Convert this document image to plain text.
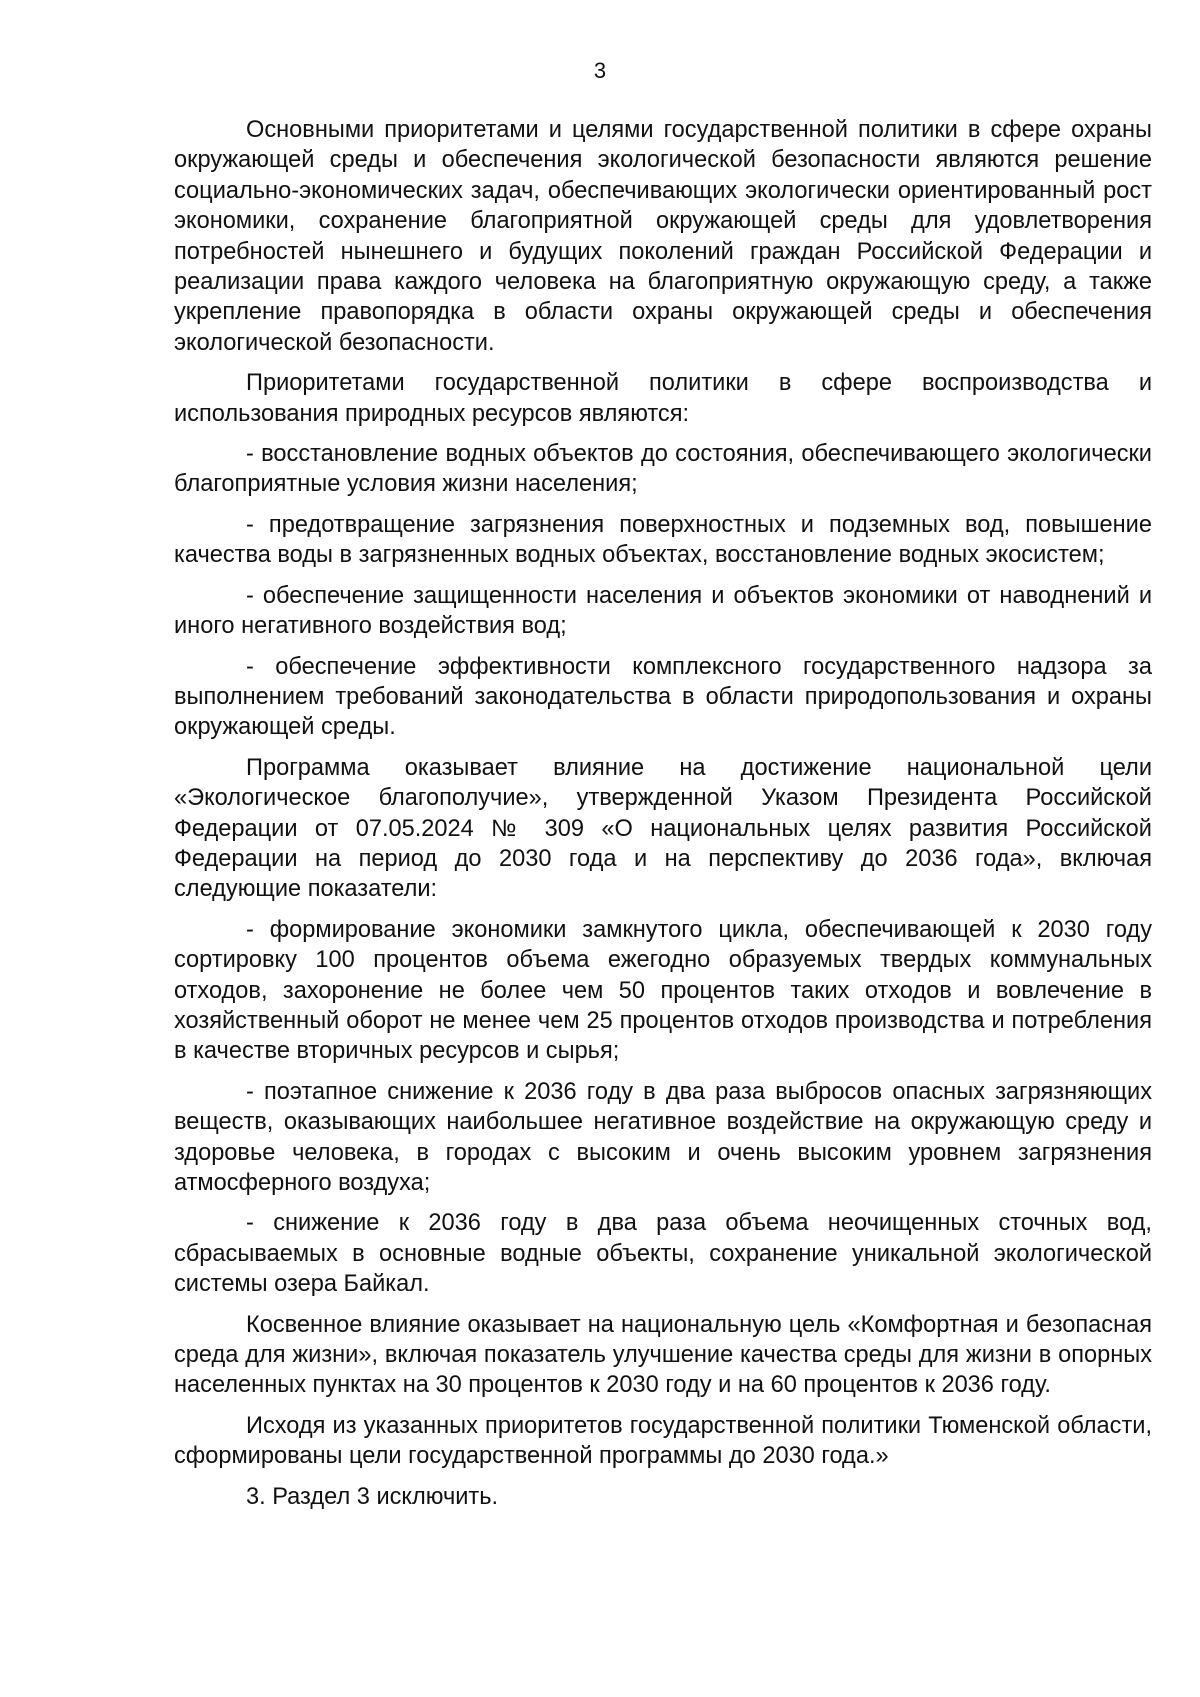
3

Основными приоритетами и целями государственной политики в сфере охраны окружающей среды и обеспечения экологической безопасности являются решение социально-экономических задач, обеспечивающих экологически ориентированный рост экономики, сохранение благоприятной окружающей среды для удовлетворения потребностей нынешнего и будущих поколений граждан Российской Федерации и реализации права каждого человека на благоприятную окружающую среду, а также укрепление правопорядка в области охраны окружающей среды и обеспечения экологической безопасности.

Приоритетами государственной политики в сфере воспроизводства и использования природных ресурсов являются:

- восстановление водных объектов до состояния, обеспечивающего экологически благоприятные условия жизни населения;

- предотвращение загрязнения поверхностных и подземных вод, повышение качества воды в загрязненных водных объектах, восстановление водных экосистем;

- обеспечение защищенности населения и объектов экономики от наводнений и иного негативного воздействия вод;

- обеспечение эффективности комплексного государственного надзора за выполнением требований законодательства в области природопользования и охраны окружающей среды.

Программа оказывает влияние на достижение национальной цели «Экологическое благополучие», утвержденной Указом Президента Российской Федерации от 07.05.2024 № 309 «О национальных целях развития Российской Федерации на период до 2030 года и на перспективу до 2036 года», включая следующие показатели:

- формирование экономики замкнутого цикла, обеспечивающей к 2030 году сортировку 100 процентов объема ежегодно образуемых твердых коммунальных отходов, захоронение не более чем 50 процентов таких отходов и вовлечение в хозяйственный оборот не менее чем 25 процентов отходов производства и потребления в качестве вторичных ресурсов и сырья;

- поэтапное снижение к 2036 году в два раза выбросов опасных загрязняющих веществ, оказывающих наибольшее негативное воздействие на окружающую среду и здоровье человека, в городах с высоким и очень высоким уровнем загрязнения атмосферного воздуха;

- снижение к 2036 году в два раза объема неочищенных сточных вод, сбрасываемых в основные водные объекты, сохранение уникальной экологической системы озера Байкал.

Косвенное влияние оказывает на национальную цель «Комфортная и безопасная среда для жизни», включая показатель улучшение качества среды для жизни в опорных населенных пунктах на 30 процентов к 2030 году и на 60 процентов к 2036 году.

Исходя из указанных приоритетов государственной политики Тюменской области, сформированы цели государственной программы до 2030 года.»

3. Раздел 3 исключить.
